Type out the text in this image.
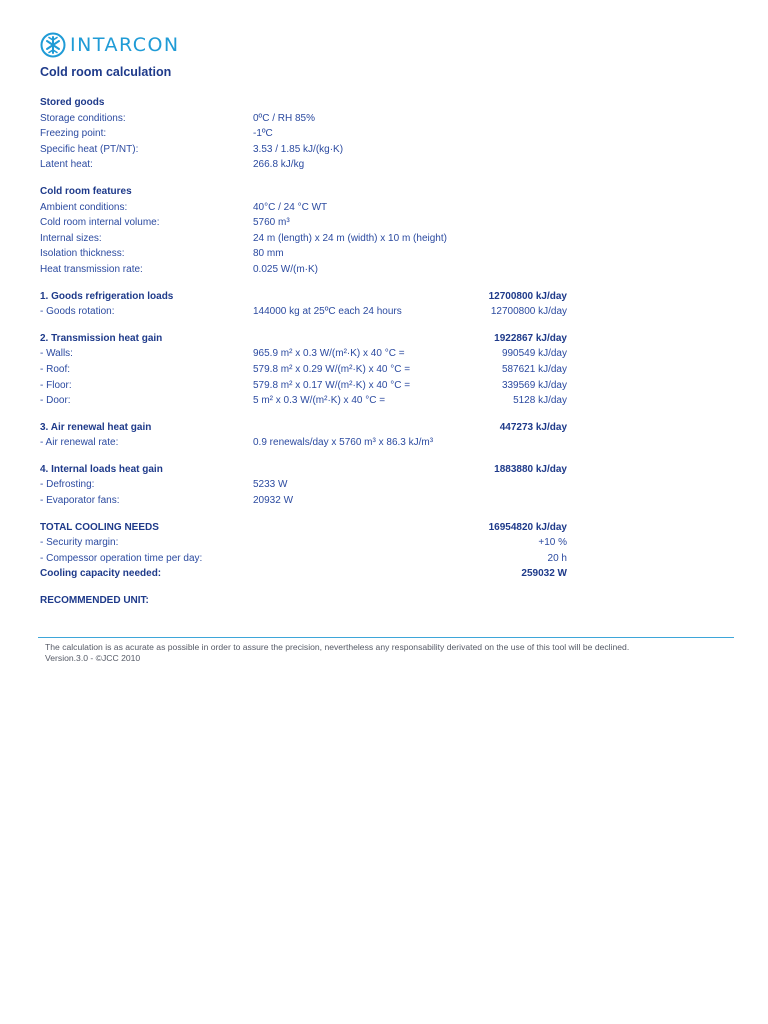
INTARCON
Cold room calculation
Stored goods
Storage conditions:	0ºC / RH 85%
Freezing point:	-1ºC
Specific heat (PT/NT):	3.53 / 1.85 kJ/(kg·K)
Latent heat:	266.8 kJ/kg
Cold room features
Ambient conditions:	40°C / 24 °C WT
Cold room internal volume:	5760 m³
Internal sizes:	24 m (length) x 24 m (width) x 10 m (height)
Isolation thickness:	80 mm
Heat transmission rate:	0.025 W/(m·K)
1. Goods refrigeration loads	12700800 kJ/day
- Goods rotation:	144000 kg at 25ºC each 24 hours	12700800 kJ/day
2. Transmission heat gain	1922867 kJ/day
- Walls:	965.9 m² x 0.3 W/(m²·K) x 40 °C =	990549 kJ/day
- Roof:	579.8 m² x 0.29 W/(m²·K) x 40 °C =	587621 kJ/day
- Floor:	579.8 m² x 0.17 W/(m²·K) x 40 °C =	339569 kJ/day
- Door:	5 m² x 0.3 W/(m²·K) x 40 °C =	5128 kJ/day
3. Air renewal heat gain	447273 kJ/day
- Air renewal rate:	0.9 renewals/day x 5760 m³ x 86.3 kJ/m³
4. Internal loads heat gain	1883880 kJ/day
- Defrosting:	5233 W
- Evaporator fans:	20932 W
TOTAL COOLING NEEDS	16954820 kJ/day
- Security margin:	+10 %
- Compessor operation time per day:	20 h
Cooling capacity needed:	259032 W
RECOMMENDED UNIT:
The calculation is as acurate as possible in order to assure the precision, nevertheless any responsability derivated on the use of this tool will be declined.
Version.3.0 - ©JCC 2010
